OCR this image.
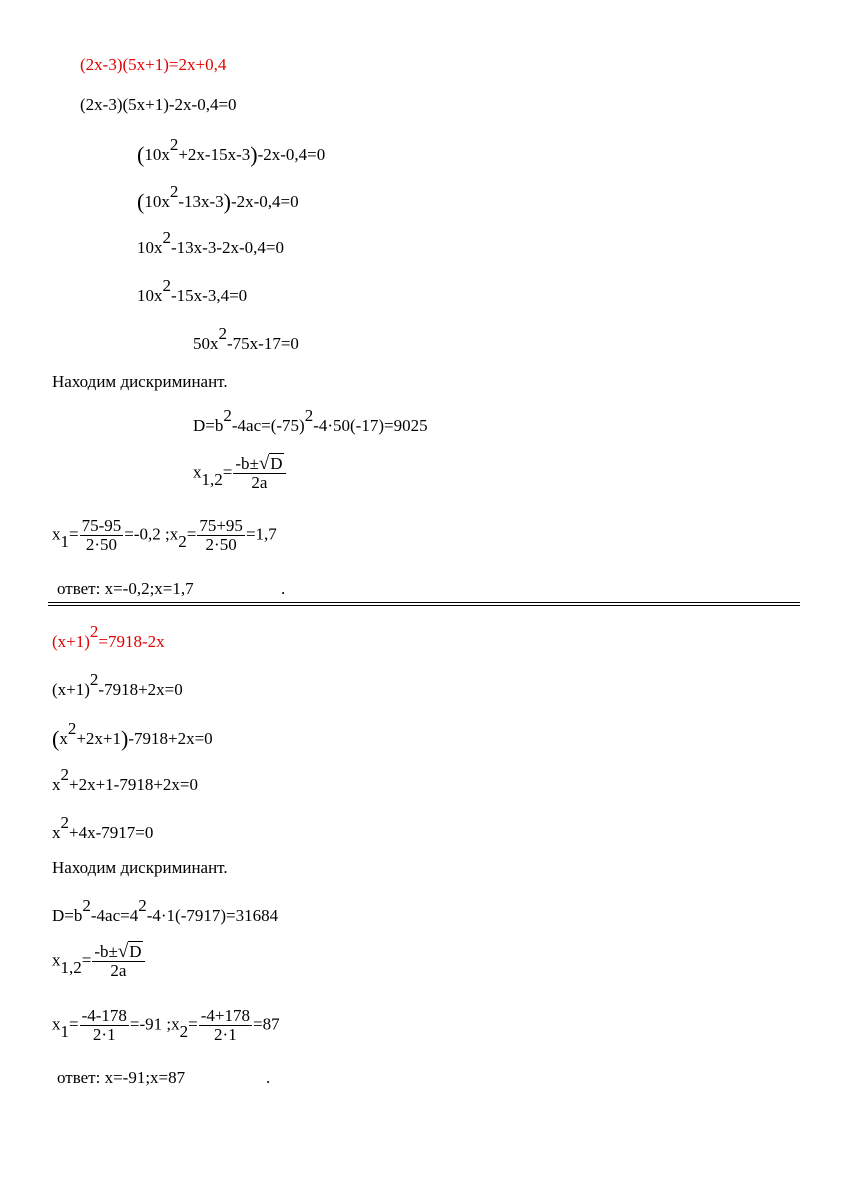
(2x-3)(5x+1)=2x+0,4
(2x-3)(5x+1)-2x-0,4=0
(10x2+2x-15x-3)-2x-0,4=0
(10x2-13x-3)-2x-0,4=0
10x2-13x-3-2x-0,4=0
10x2-15x-3,4=0
50x2-75x-17=0
Находим дискриминант.
D=b2-4ac=(-75)2-4·50(-17)=9025
$x1,2= \frac{-b\pm√D}{2a}$
$x1= \frac{75-95}{2\cdot 50} =-0,2$ ;x2= $\frac{75+95}{2\cdot 50} =1,7$
ответ: x=-0,2;x=1,7	.
(x+1)2=7918-2x
(x+1)2-7918+2x=0
(x2+2x+1)-7918+2x=0
x2+2x+1-7918+2x=0
x2+4x-7917=0
Находим дискриминант.
D=b2-4ac=42-4·1(-7917)=31684
$x1,2= \frac{-b\pm√D}{2a}$
$x1= \frac{-4-178}{2\cdot 1} =-91$ ;x2= $\frac{-4+178}{2\cdot 1} =87$
ответ: x=-91;x=87	.
